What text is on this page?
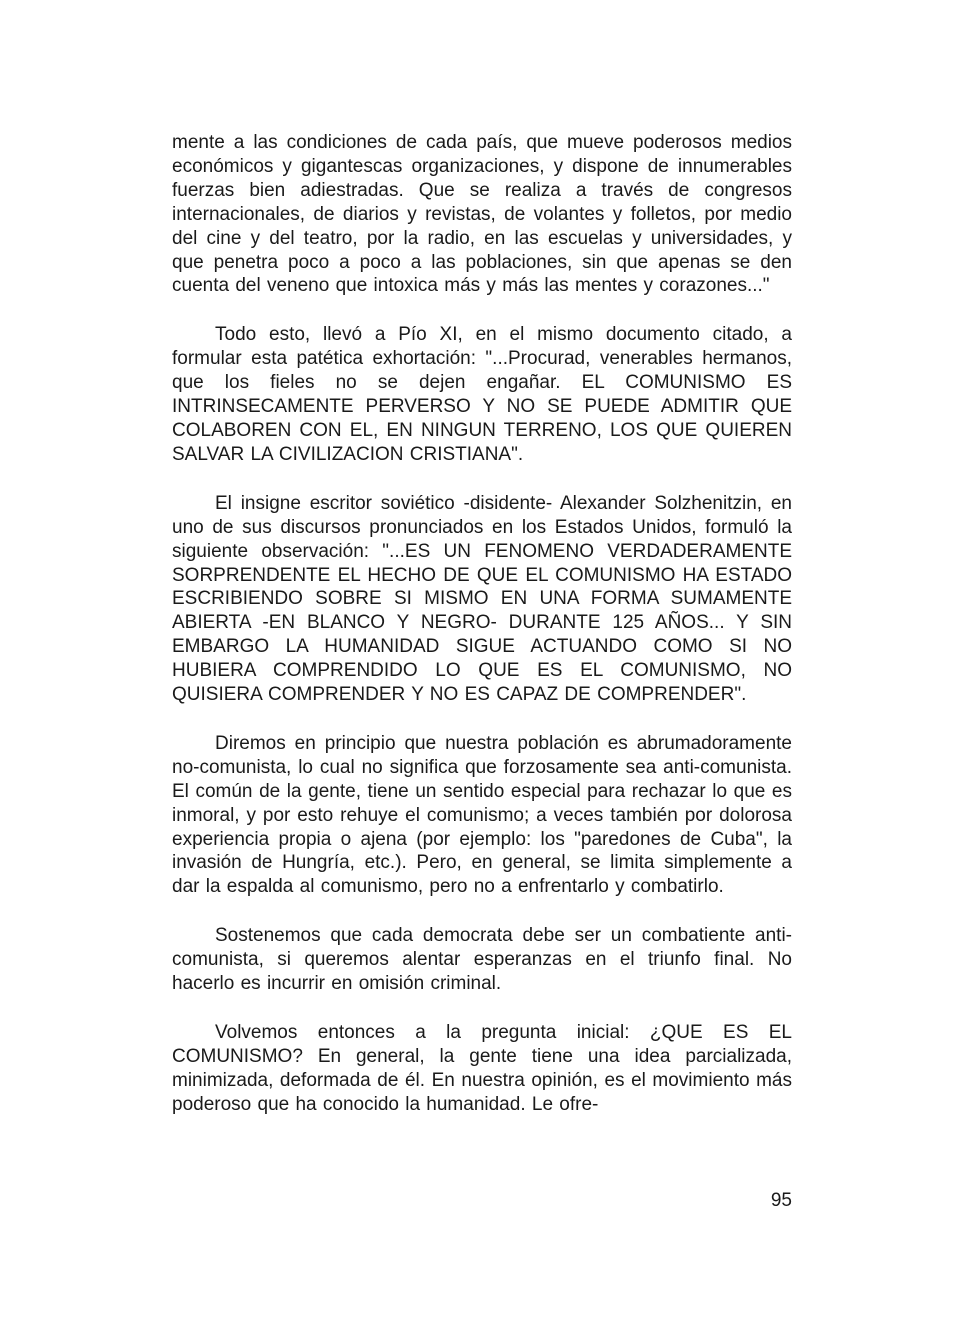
mente a las condiciones de cada país, que mueve poderosos medios económicos y gigantescas organizaciones, y dispone de innumerables fuerzas bien adiestradas. Que se realiza a través de congresos internacionales, de diarios y revistas, de volantes y folletos, por medio del cine y del teatro, por la radio, en las escuelas y universidades, y que penetra poco a poco a las poblaciones, sin que apenas se den cuenta del veneno que intoxica más y más las mentes y corazones..."

Todo esto, llevó a Pío XI, en el mismo documento citado, a formular esta patética exhortación: "...Procurad, venerables hermanos, que los fieles no se dejen engañar. EL COMUNISMO ES INTRINSECAMENTE PERVERSO Y NO SE PUEDE ADMITIR QUE COLABOREN CON EL, EN NINGUN TERRENO, LOS QUE QUIEREN SALVAR LA CIVILIZACION CRISTIANA".

El insigne escritor soviético -disidente- Alexander Solzhenitzin, en uno de sus discursos pronunciados en los Estados Unidos, formuló la siguiente observación: "...ES UN FENOMENO VERDADERAMENTE SORPRENDENTE EL HECHO DE QUE EL COMUNISMO HA ESTADO ESCRIBIENDO SOBRE SI MISMO EN UNA FORMA SUMAMENTE ABIERTA -EN BLANCO Y NEGRO- DURANTE 125 AÑOS... Y SIN EMBARGO LA HUMANIDAD SIGUE ACTUANDO COMO SI NO HUBIERA COMPRENDIDO LO QUE ES EL COMUNISMO, NO QUISIERA COMPRENDER Y NO ES CAPAZ DE COMPRENDER".

Diremos en principio que nuestra población es abrumadoramente no-comunista, lo cual no significa que forzosamente sea anti-comunista. El común de la gente, tiene un sentido especial para rechazar lo que es inmoral, y por esto rehuye el comunismo; a veces también por dolorosa experiencia propia o ajena (por ejemplo: los "paredones de Cuba", la invasión de Hungría, etc.). Pero, en general, se limita simplemente a dar la espalda al comunismo, pero no a enfrentarlo y combatirlo.

Sostenemos que cada democrata debe ser un combatiente anti-comunista, si queremos alentar esperanzas en el triunfo final. No hacerlo es incurrir en omisión criminal.

Volvemos entonces a la pregunta inicial: ¿QUE ES EL COMUNISMO? En general, la gente tiene una idea parcializada, minimizada, deformada de él. En nuestra opinión, es el movimiento más poderoso que ha conocido la humanidad. Le ofre-

95
